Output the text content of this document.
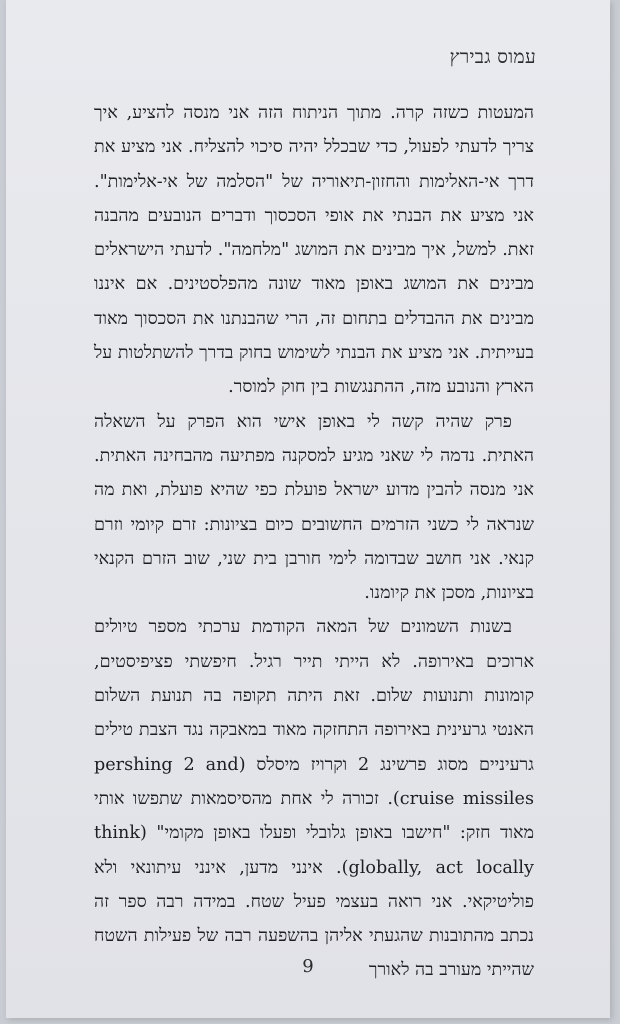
עמוס גבירץ

המעטות כשזה קרה. מתוך הניתוח הזה אני מנסה להציע, איך צריך לדעתי לפעול, כדי שבכלל יהיה סיכוי להצליח. אני מציע את דרך אי-האלימות והחזון-תיאוריה של "הסלמה של אי-אלימות". אני מציע את הבנתי את אופי הסכסוך ודברים הנובעים מהבנה זאת. למשל, איך מבינים את המושג "מלחמה". לדעתי הישראלים מבינים את המושג באופן מאוד שונה מהפלסטינים. אם איננו מבינים את ההבדלים בתחום זה, הרי שהבנתנו את הסכסוך מאוד בעייתית. אני מציע את הבנתי לשימוש בחוק בדרך להשתלטות על הארץ והנובע מזה, ההתנגשות בין חוק למוסר.

פרק שהיה קשה לי באופן אישי הוא הפרק על השאלה האתית. נדמה לי שאני מגיע למסקנה מפתיעה מהבחינה האתית. אני מנסה להבין מדוע ישראל פועלת כפי שהיא פועלת, ואת מה שנראה לי כשני הזרמים החשובים כיום בציונות: זרם קיומי וזרם קנאי. אני חושב שבדומה לימי חורבן בית שני, שוב הזרם הקנאי בציונות, מסכן את קיומנו.

בשנות השמונים של המאה הקודמת ערכתי מספר טיולים ארוכים באירופה. לא הייתי תייר רגיל. חיפשתי פציפיסטים, קומונות ותנועות שלום. זאת היתה תקופה בה תנועת השלום האנטי גרעינית באירופה התחזקה מאוד במאבקה נגד הצבת טילים גרעיניים מסוג פרשינג 2 וקרויז מיסלס (pershing 2 and cruise missiles). זכורה לי אחת מהסיסמאות שתפשו אותי מאוד חזק: "חישבו באופן גלובלי ופעלו באופן מקומי" (think globally, act locally). אינני מדען, אינני עיתונאי ולא פוליטיקאי. אני רואה בעצמי פעיל שטח. במידה רבה ספר זה נכתב מהתובנות שהגעתי אליהן בהשפעה רבה של פעילות השטח שהייתי מעורב בה לאורך

9
